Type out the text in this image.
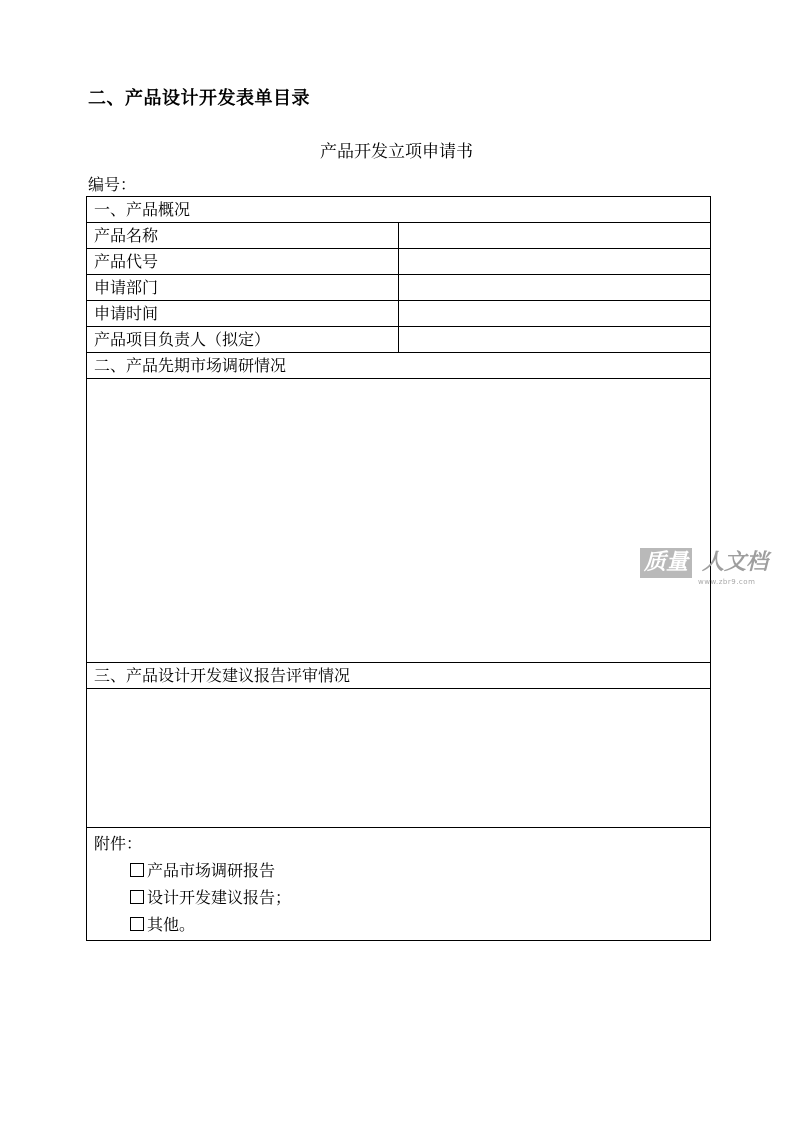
二、产品设计开发表单目录
产品开发立项申请书
编号：
一、产品概况	
产品名称	
产品代号	
申请部门	
申请时间	
产品项目负责人（拟定）	
二、产品先期市场调研情况	

三、产品设计开发建议报告评审情况	

附件：
产品市场调研报告
设计开发建议报告；
其他。	
质量 人文档
www.zbr9.com
